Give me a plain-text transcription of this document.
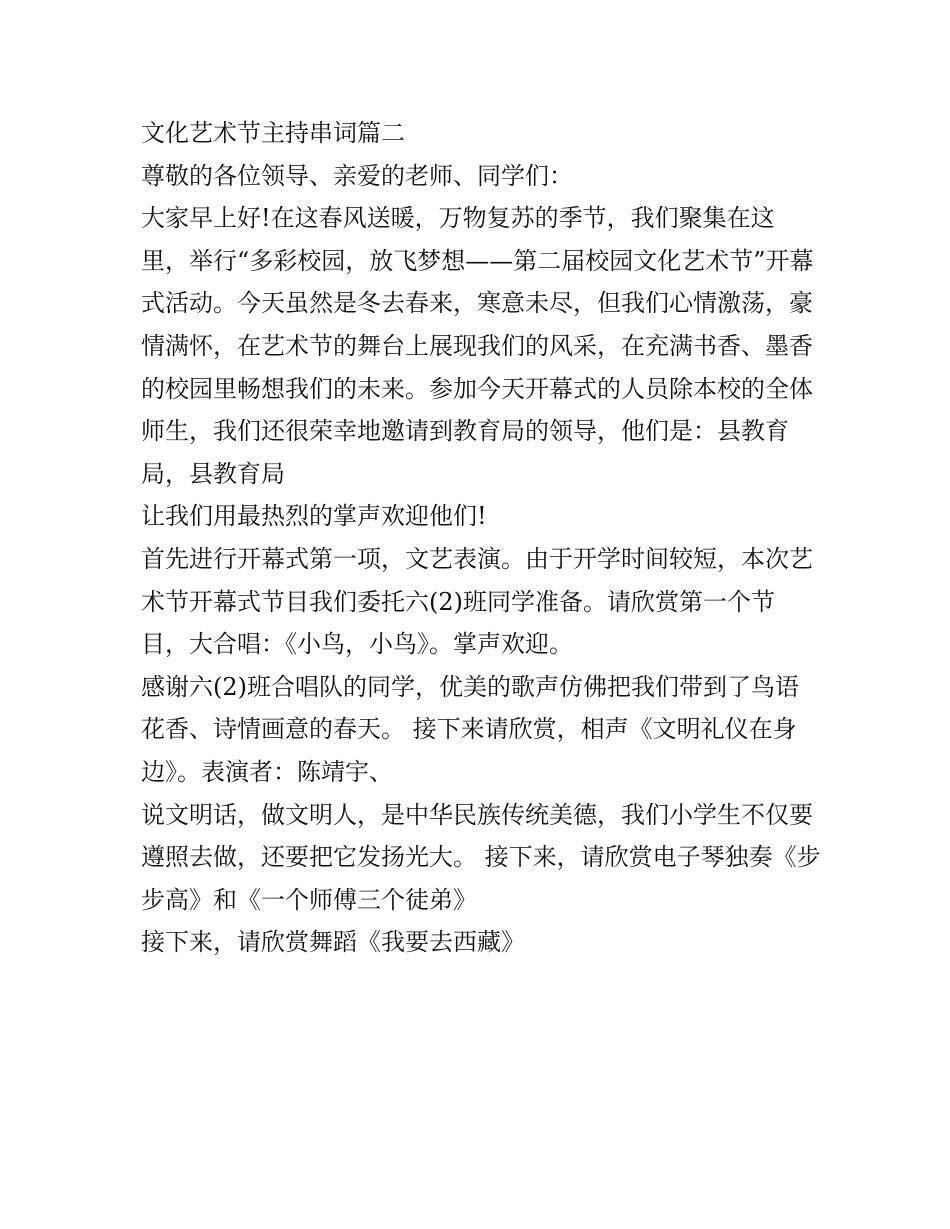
文化艺术节主持串词篇二

尊敬的各位领导、亲爱的老师、同学们：

大家早上好!在这春风送暖，万物复苏的季节，我们聚集在这里，举行“多彩校园，放飞梦想——第二届校园文化艺术节”开幕式活动。今天虽然是冬去春来，寒意未尽，但我们心情激荡，豪情满怀，在艺术节的舞台上展现我们的风采，在充满书香、墨香的校园里畅想我们的未来。参加今天开幕式的人员除本校的全体师生，我们还很荣幸地邀请到教育局的领导，他们是：县教育局，县教育局

让我们用最热烈的掌声欢迎他们!

首先进行开幕式第一项，文艺表演。由于开学时间较短，本次艺术节开幕式节目我们委托六(2)班同学准备。请欣赏第一个节目，大合唱：《小鸟，小鸟》。掌声欢迎。

感谢六(2)班合唱队的同学，优美的歌声仿佛把我们带到了鸟语花香、诗情画意的春天。 接下来请欣赏，相声《文明礼仪在身边》。表演者：陈靖宇、

说文明话，做文明人，是中华民族传统美德，我们小学生不仅要遵照去做，还要把它发扬光大。 接下来，请欣赏电子琴独奏《步步高》和《一个师傅三个徒弟》

接下来，请欣赏舞蹈《我要去西藏》
